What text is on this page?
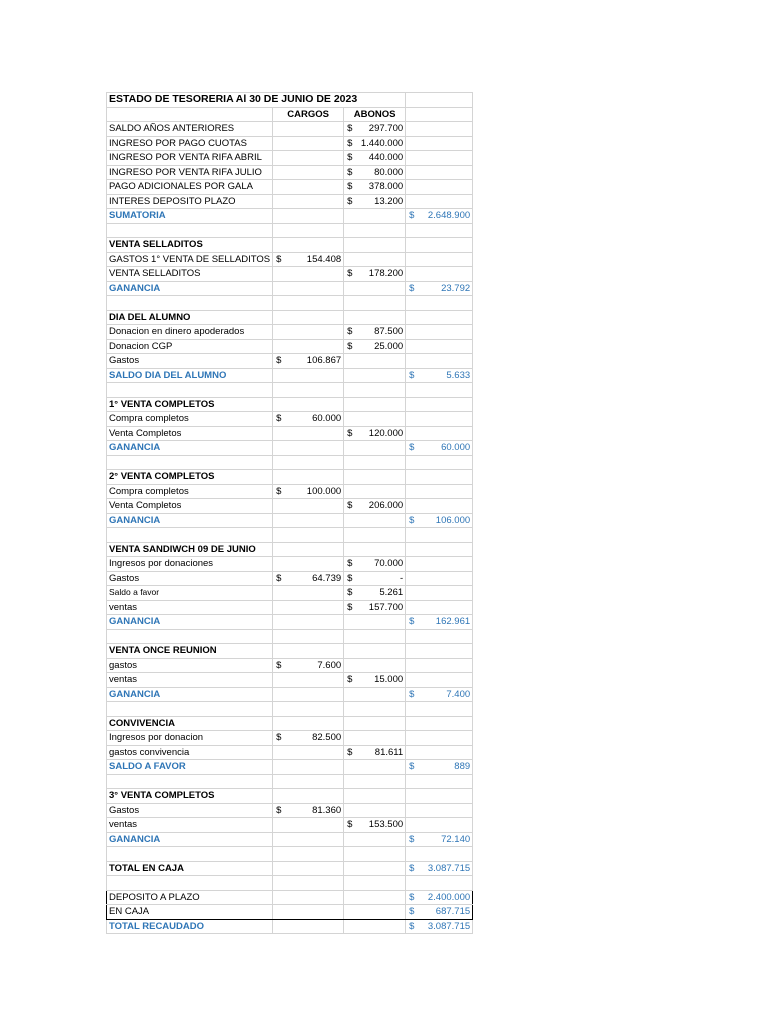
ESTADO DE TESORERIA Al 30 DE JUNIO DE 2023			
	CARGOS	ABONOS	
SALDO AÑOS ANTERIORES		$ 297.700	

INGRESO POR PAGO CUOTAS		$ 1.440.000	

INGRESO POR VENTA RIFA ABRIL		$ 440.000	

INGRESO POR VENTA RIFA JULIO		$ 80.000	

PAGO ADICIONALES POR GALA		$ 378.000	

INTERES DEPOSITO PLAZO		$ 13.200	

SUMATORIA			$ 2.648.900

VENTA SELLADITOS			
GASTOS 1° VENTA DE SELLADITOS	$ 154.408		

VENTA SELLADITOS		$ 178.200	

GANANCIA			$ 23.792

DIA DEL ALUMNO			
Donacion en dinero apoderados		$ 87.500	

Donacion CGP		$ 25.000	

Gastos	$ 106.867		

SALDO DIA DEL ALUMNO			$ 5.633

1° VENTA COMPLETOS			
Compra completos	$ 60.000		

Venta Completos		$ 120.000	

GANANCIA			$ 60.000

2° VENTA COMPLETOS			
Compra completos	$ 100.000		

Venta Completos		$ 206.000	

GANANCIA			$ 106.000

VENTA SANDIWCH 09 DE JUNIO			
Ingresos por donaciones		$ 70.000	

Gastos	$ 64.739	$ -	

Saldo a favor		$ 5.261	

ventas		$ 157.700	

GANANCIA			$ 162.961

VENTA ONCE REUNION			
gastos	$ 7.600		

ventas		$ 15.000	

GANANCIA			$ 7.400

CONVIVENCIA			
Ingresos por donacion	$ 82.500		

gastos convivencia		$ 81.611	

SALDO A FAVOR			$ 889

3° VENTA COMPLETOS			
Gastos	$ 81.360		

ventas		$ 153.500	

GANANCIA			$ 72.140

TOTAL EN CAJA			$ 3.087.715

DEPOSITO A PLAZO			$ 2.400.000

EN CAJA			$ 687.715

TOTAL RECAUDADO			$ 3.087.715
